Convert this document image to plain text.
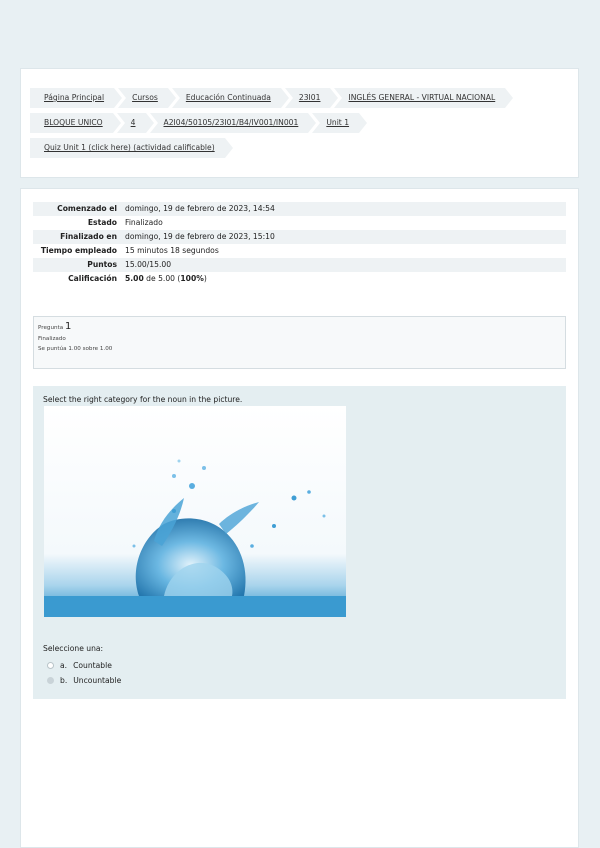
Página Principal	Cursos	Educación Continuada	23I01	INGLÉS GENERAL - VIRTUAL NACIONAL
BLOQUE UNICO	4	A2I04/50105/23I01/B4/IV001/IN001	Unit 1
Quiz Unit 1 (click here) (actividad calificable)
Comenzado el	domingo, 19 de febrero de 2023, 14:54
Estado	Finalizado
Finalizado en	domingo, 19 de febrero de 2023, 15:10
Tiempo empleado	15 minutos 18 segundos
Puntos	15.00/15.00
Calificación	5.00 de 5.00 (100%)
Pregunta 1
Finalizado
Se puntúa 1.00 sobre 1.00
Select the right category for the noun in the picture.
Seleccione una:
a. Countable
b. Uncountable
